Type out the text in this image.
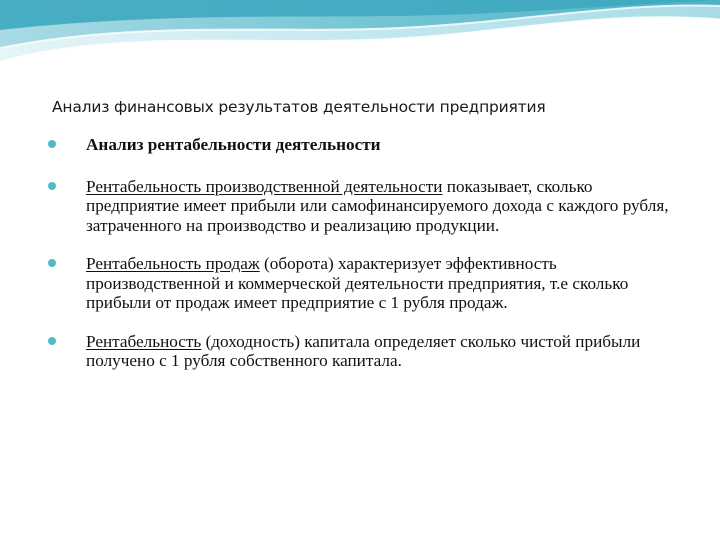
Анализ финансовых результатов деятельности предприятия
Анализ рентабельности деятельности
Рентабельность производственной деятельности показывает, сколько предприятие имеет прибыли или самофинансируемого дохода с каждого рубля, затраченного на производство и реализацию продукции.
Рентабельность продаж (оборота) характеризует эффективность производственной и коммерческой деятельности предприятия, т.е сколько прибыли от продаж имеет предприятие с 1 рубля продаж.
Рентабельность (доходность) капитала определяет сколько чистой прибыли получено с 1 рубля собственного капитала.
